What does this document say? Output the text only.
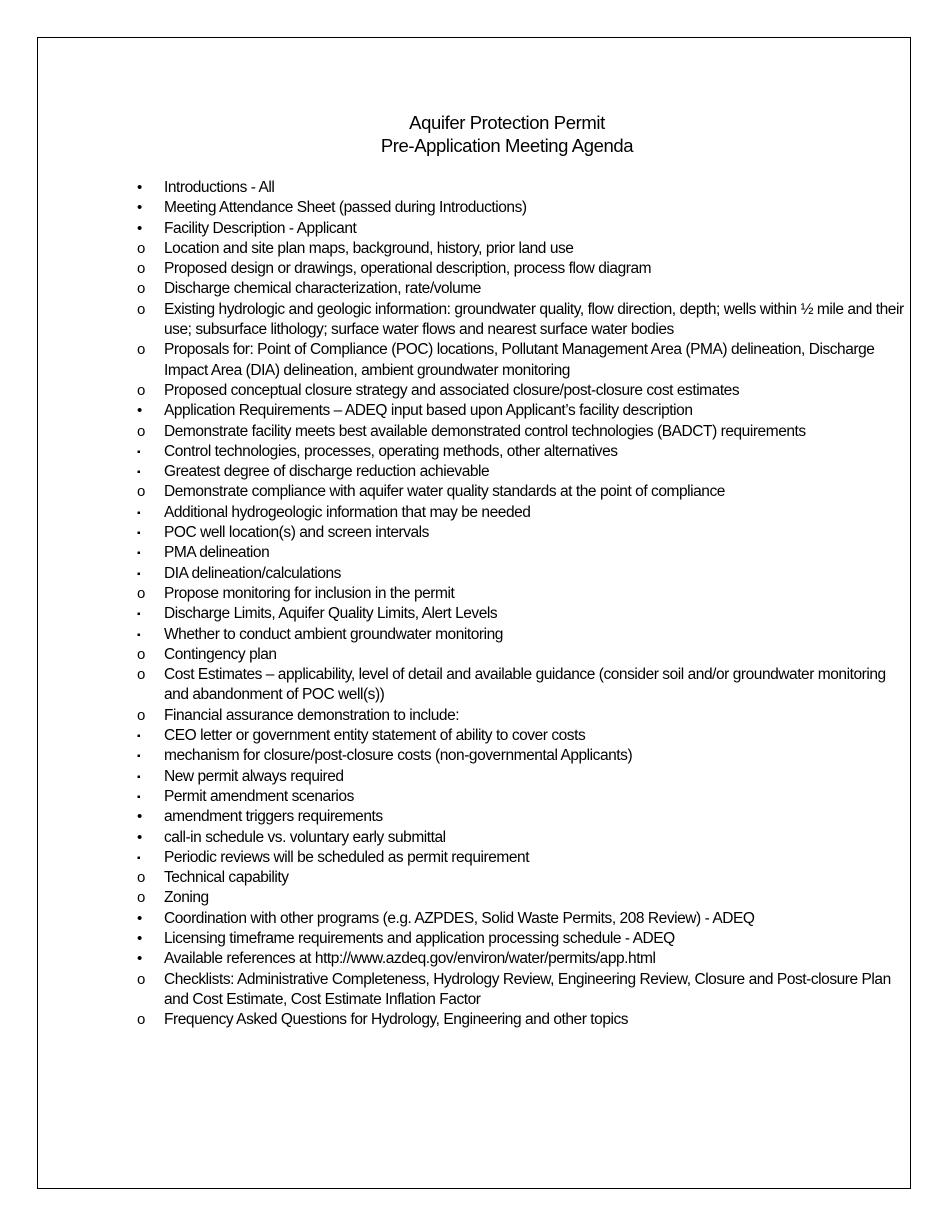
Aquifer Protection Permit
Pre-Application Meeting Agenda
•	Introductions - All
•	Meeting Attendance Sheet (passed during Introductions)
•	Facility Description - Applicant
o	Location and site plan maps, background, history, prior land use
o	Proposed design or drawings, operational description, process flow diagram
o	Discharge chemical characterization, rate/volume
o	Existing hydrologic and geologic information: groundwater quality, flow direction, depth; wells within ½ mile and their use; subsurface lithology; surface water flows and nearest surface water bodies
o	Proposals for: Point of Compliance (POC) locations, Pollutant Management Area (PMA) delineation, Discharge Impact Area (DIA) delineation, ambient groundwater monitoring
o	Proposed conceptual closure strategy and associated closure/post-closure cost estimates
•	Application Requirements – ADEQ input based upon Applicant’s facility description
o	Demonstrate facility meets best available demonstrated control technologies (BADCT) requirements
▪	Control technologies, processes, operating methods, other alternatives
▪	Greatest degree of discharge reduction achievable
o	Demonstrate compliance with aquifer water quality standards at the point of compliance
▪	Additional hydrogeologic information that may be needed
▪	POC well location(s) and screen intervals
▪	PMA delineation
▪	DIA delineation/calculations
o	Propose monitoring for inclusion in the permit
▪	Discharge Limits, Aquifer Quality Limits, Alert Levels
▪	Whether to conduct ambient groundwater monitoring
o	Contingency plan
o	Cost Estimates – applicability, level of detail and available guidance (consider soil and/or groundwater monitoring and abandonment of POC well(s))
o	Financial assurance demonstration to include:
▪	CEO letter or government entity statement of ability to cover costs
▪	mechanism for closure/post-closure costs (non-governmental Applicants)
▪	New permit always required
▪	Permit amendment scenarios
•	amendment triggers requirements
•	call-in schedule vs. voluntary early submittal
▪	Periodic reviews will be scheduled as permit requirement
o	Technical capability
o	Zoning
•	Coordination with other programs (e.g. AZPDES, Solid Waste Permits, 208 Review) - ADEQ
•	Licensing timeframe requirements and application processing schedule - ADEQ
•	Available references at http://www.azdeq.gov/environ/water/permits/app.html
o	Checklists: Administrative Completeness, Hydrology Review, Engineering Review, Closure and Post-closure Plan and Cost Estimate, Cost Estimate Inflation Factor
o	Frequency Asked Questions for Hydrology, Engineering and other topics
